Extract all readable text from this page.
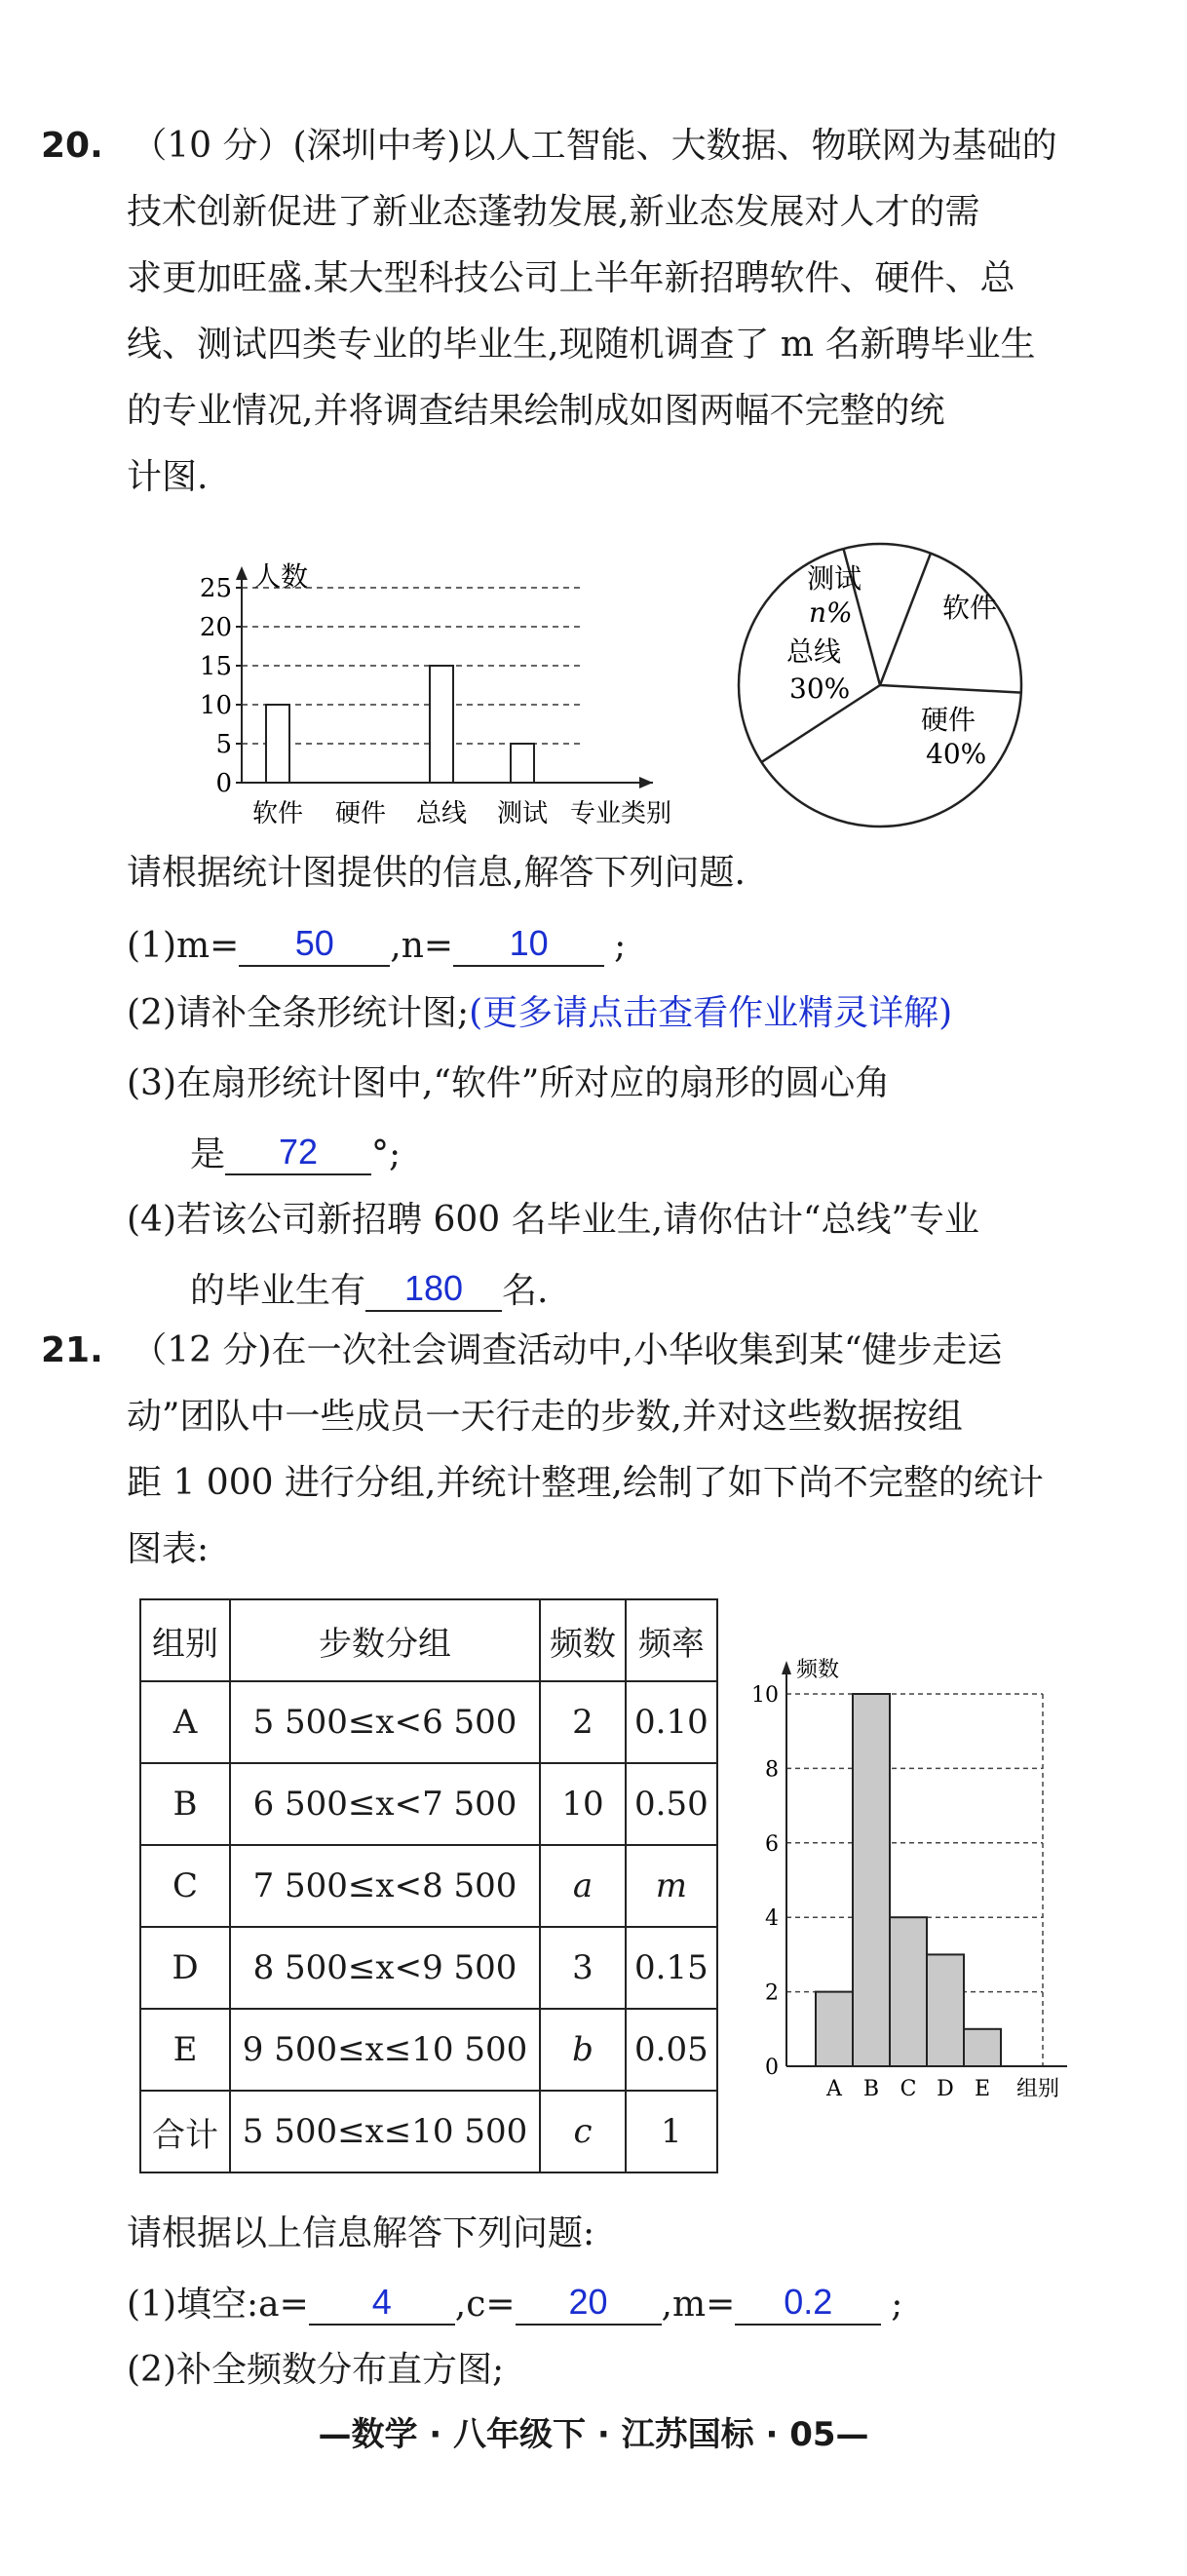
20. （10 分）(深圳中考)以人工智能、大数据、物联网为基础的
技术创新促进了新业态蓬勃发展,新业态发展对人才的需
求更加旺盛.某大型科技公司上半年新招聘软件、硬件、总
线、测试四类专业的毕业生,现随机调查了 m 名新聘毕业生
的专业情况,并将调查结果绘制成如图两幅不完整的统
计图.
0
5
10
15
20
25 人数
软件 硬件 总线 测试 专业类别
测试
n%	软件
硬件
40%
总线
30%
请根据统计图提供的信息,解答下列问题.
(1)m= 50 ,n= 10 ;
(2)请补全条形统计图;(更多请点击查看作业精灵详解)
(3)在扇形统计图中,“软件”所对应的扇形的圆心角
是 72 °;
(4)若该公司新招聘 600 名毕业生,请你估计“总线”专业
的毕业生有 180 名.
21. （12 分)在一次社会调查活动中,小华收集到某“健步走运
动”团队中一些成员一天行走的步数,并对这些数据按组
距 1 000 进行分组,并统计整理,绘制了如下尚不完整的统计
图表:
组别	步数分组	频数	频率
A	5 500≤x<6 500	2	0.10
B	6 500≤x<7 500	10	0.50
C	7 500≤x<8 500	a	m
D	8 500≤x<9 500	3	0.15
E	9 500≤x≤10 500	b	0.05
合计	5 500≤x≤10 500	c	1
0
2
4
6
8
10
频数
A B C D E 组别
请根据以上信息解答下列问题:
(1)填空:a= 4 ,c= 20 ,m= 0.2 ;
(2)补全频数分布直方图;
—数学 · 八年级下 · 江苏国标 · 05—
